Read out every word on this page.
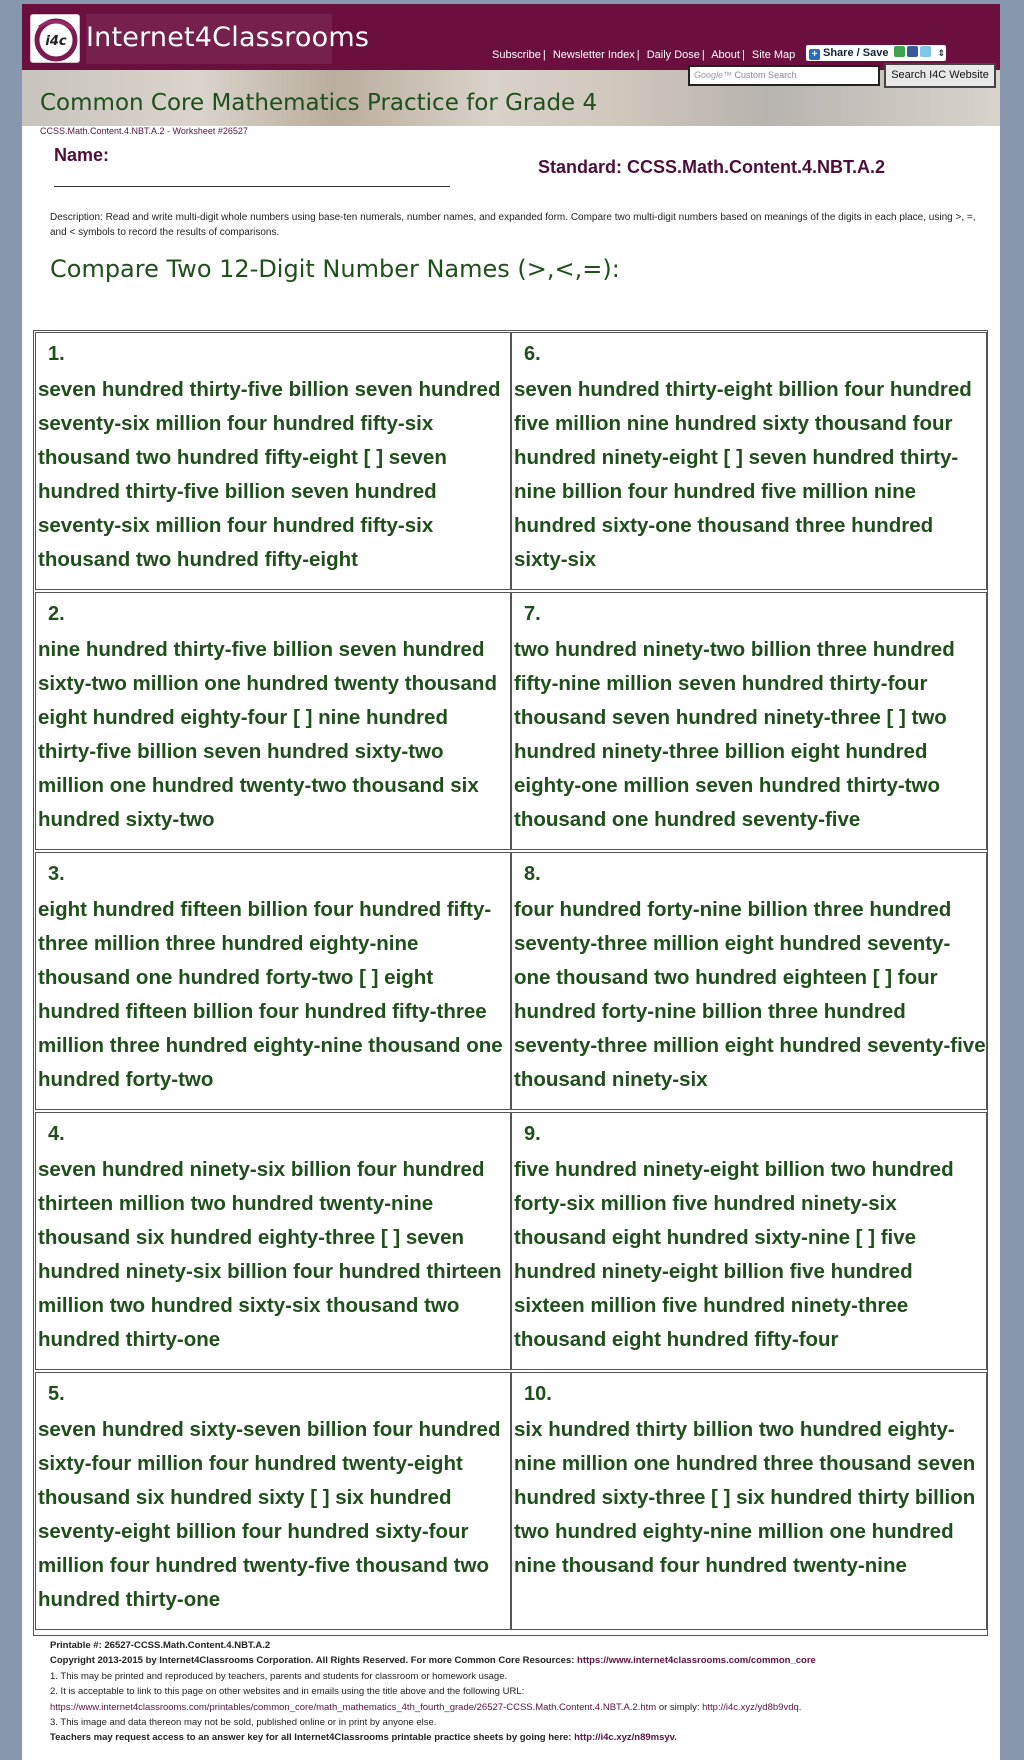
i4c Internet4Classrooms
Subscribe | Newsletter Index | Daily Dose | About | Site Map	+ Share / Save	⇕
Common Core Mathematics Practice for Grade 4
Google™ Custom Search	Search I4C Website
CCSS.Math.Content.4.NBT.A.2 - Worksheet #26527
Name:
Standard: CCSS.Math.Content.4.NBT.A.2
Description: Read and write multi-digit whole numbers using base-ten numerals, number names, and expanded form. Compare two multi-digit numbers based on meanings of the digits in each place, using >, =, and < symbols to record the results of comparisons.
Compare Two 12-Digit Number Names (>,<,=):
1.
seven hundred thirty-five billion seven hundred seventy-six million four hundred fifty-six thousand two hundred fifty-eight [ ] seven hundred thirty-five billion seven hundred seventy-six million four hundred fifty-six thousand two hundred fifty-eight
2.
nine hundred thirty-five billion seven hundred sixty-two million one hundred twenty thousand eight hundred eighty-four [ ] nine hundred thirty-five billion seven hundred sixty-two million one hundred twenty-two thousand six hundred sixty-two
3.
eight hundred fifteen billion four hundred fifty-three million three hundred eighty-nine thousand one hundred forty-two [ ] eight hundred fifteen billion four hundred fifty-three million three hundred eighty-nine thousand one hundred forty-two
4.
seven hundred ninety-six billion four hundred thirteen million two hundred twenty-nine thousand six hundred eighty-three [ ] seven hundred ninety-six billion four hundred thirteen million two hundred sixty-six thousand two hundred thirty-one
5.
seven hundred sixty-seven billion four hundred sixty-four million four hundred twenty-eight thousand six hundred sixty [ ] six hundred seventy-eight billion four hundred sixty-four million four hundred twenty-five thousand two hundred thirty-one
6.
seven hundred thirty-eight billion four hundred five million nine hundred sixty thousand four hundred ninety-eight [ ] seven hundred thirty-nine billion four hundred five million nine hundred sixty-one thousand three hundred sixty-six
7.
two hundred ninety-two billion three hundred fifty-nine million seven hundred thirty-four thousand seven hundred ninety-three [ ] two hundred ninety-three billion eight hundred eighty-one million seven hundred thirty-two thousand one hundred seventy-five
8.
four hundred forty-nine billion three hundred seventy-three million eight hundred seventy-one thousand two hundred eighteen [ ] four hundred forty-nine billion three hundred seventy-three million eight hundred seventy-five thousand ninety-six
9.
five hundred ninety-eight billion two hundred forty-six million five hundred ninety-six thousand eight hundred sixty-nine [ ] five hundred ninety-eight billion five hundred sixteen million five hundred ninety-three thousand eight hundred fifty-four
10.
six hundred thirty billion two hundred eighty-nine million one hundred three thousand seven hundred sixty-three [ ] six hundred thirty billion two hundred eighty-nine million one hundred nine thousand four hundred twenty-nine
Printable #: 26527-CCSS.Math.Content.4.NBT.A.2
Copyright 2013-2015 by Internet4Classrooms Corporation. All Rights Reserved. For more Common Core Resources: https://www.internet4classrooms.com/common_core
1. This may be printed and reproduced by teachers, parents and students for classroom or homework usage.
2. It is acceptable to link to this page on other websites and in emails using the title above and the following URL:
https://www.internet4classrooms.com/printables/common_core/math_mathematics_4th_fourth_grade/26527-CCSS.Math.Content.4.NBT.A.2.htm or simply: http://i4c.xyz/yd8b9vdq.
3. This image and data thereon may not be sold, published online or in print by anyone else.
Teachers may request access to an answer key for all Internet4Classrooms printable practice sheets by going here: http://i4c.xyz/n89msyv.
